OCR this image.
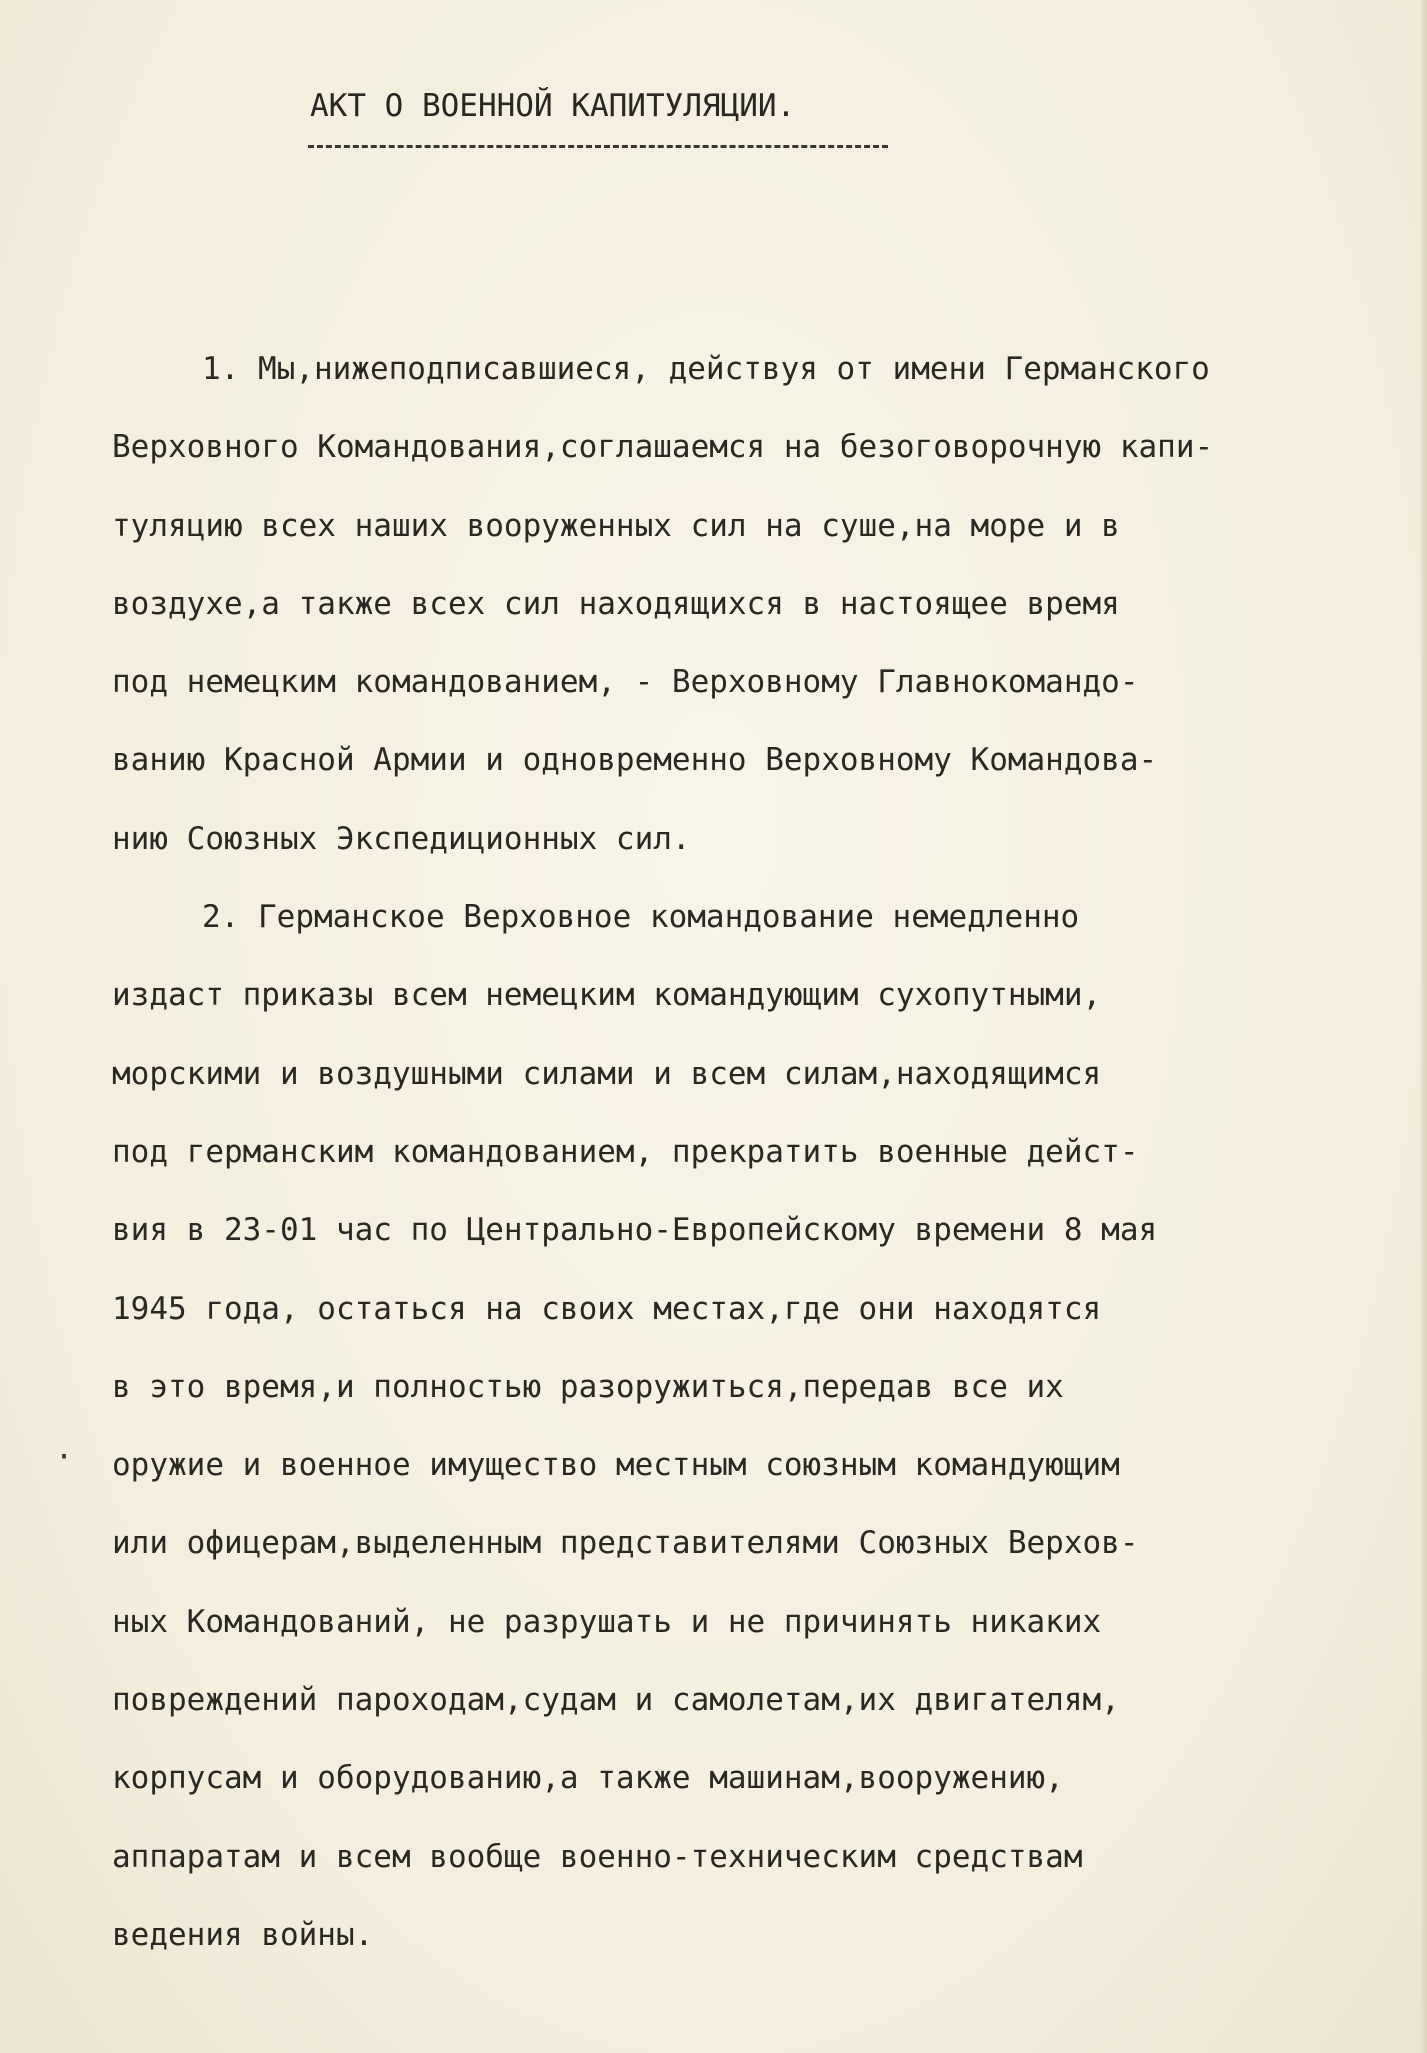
АКТ О ВОЕННОЙ КАПИТУЛЯЦИИ.
·
1. Мы,нижеподписавшиеся, действуя от имени Германского
Верховного Командования,соглашаемся на безоговорочную капи-
туляцию всех наших вооруженных сил на суше,на море и в
воздухе,а также всех сил находящихся в настоящее время
под немецким командованием, - Верховному Главнокомандо-
ванию Красной Армии и одновременно Верховному Командова-
нию Союзных Экспедиционных сил.
2. Германское Верховное командование немедленно
издаст приказы всем немецким командующим сухопутными,
морскими и воздушными силами и всем силам,находящимся
под германским командованием, прекратить военные дейст-
вия в 23-01 час по Центрально-Европейскому времени 8 мая
1945 года, остаться на своих местах,где они находятся
в это время,и полностью разоружиться,передав все их
оружие и военное имущество местным союзным командующим
или офицерам,выделенным представителями Союзных Верхов-
ных Командований, не разрушать и не причинять никаких
повреждений пароходам,судам и самолетам,их двигателям,
корпусам и оборудованию,а также машинам,вооружению,
аппаратам и всем вообще военно-техническим средствам
ведения войны.
